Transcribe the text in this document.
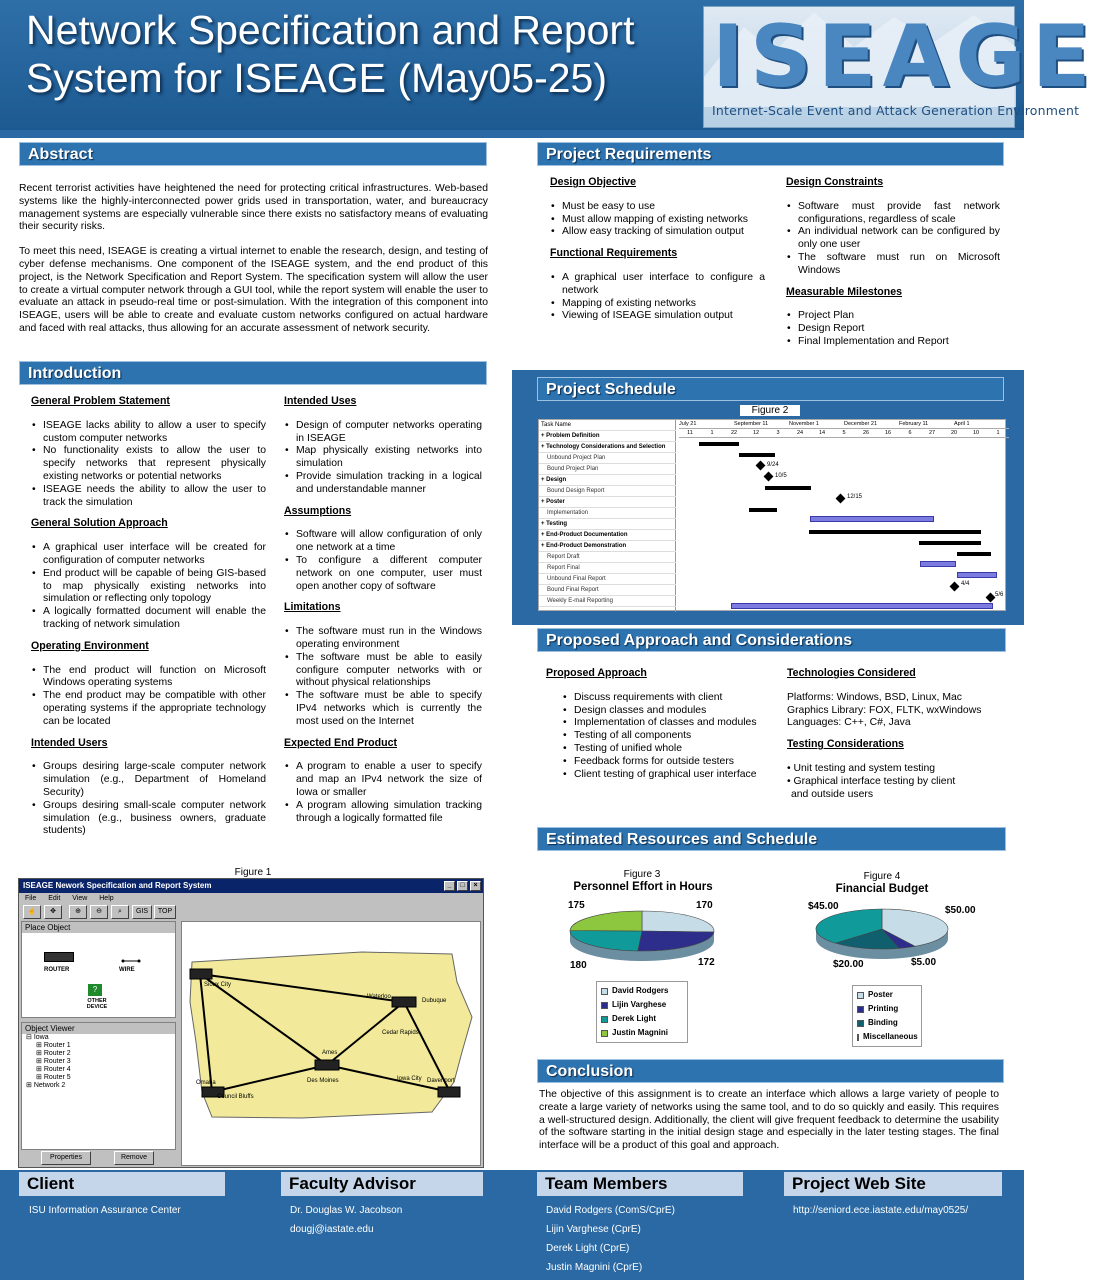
Network Specification and Report
System for ISEAGE (May05-25)	ISEAGE
Internet-Scale Event and Attack Generation Environment
Abstract

Recent terrorist activities have heightened the need for protecting critical infrastructures. Web-based systems like the highly-interconnected power grids used in transportation, water, and bureaucracy management systems are especially vulnerable since there exists no satisfactory means of evaluating their security risks.

To meet this need, ISEAGE is creating a virtual internet to enable the research, design, and testing of cyber defense mechanisms. One component of the ISEAGE system, and the end product of this project, is the Network Specification and Report System. The specification system will allow the user to create a virtual computer network through a GUI tool, while the report system will enable the user to evaluate an attack in pseudo-real time or post-simulation. With the integration of this component into ISEAGE, users will be able to create and evaluate custom networks configured on actual hardware and faced with real attacks, thus allowing for an accurate assessment of network security.

Introduction
General Problem Statement
• ISEAGE lacks ability to allow a user to specify custom computer networks
• No functionality exists to allow the user to specify networks that represent physically existing networks or potential networks
• ISEAGE needs the ability to allow the user to track the simulation
General Solution Approach
• A graphical user interface will be created for configuration of computer networks
• End product will be capable of being GIS-based to map physically existing networks into simulation or reflecting only topology
• A logically formatted document will enable the tracking of network simulation
Operating Environment
• The end product will function on Microsoft Windows operating systems
• The end product may be compatible with other operating systems if the appropriate technology can be located
Intended Users
• Groups desiring large-scale computer network simulation (e.g., Department of Homeland Security)
• Groups desiring small-scale computer network simulation (e.g., business owners, graduate students)
Intended Uses
• Design of computer networks operating in ISEAGE
• Map physically existing networks into simulation
• Provide simulation tracking in a logical and understandable manner
Assumptions
• Software will allow configuration of only one network at a time
• To configure a different computer network on one computer, user must open another copy of software
Limitations
• The software must run in the Windows operating environment
• The software must be able to easily configure computer networks with or without physical relationships
• The software must be able to specify IPv4 networks which is currently the most used on the Internet
Expected End Product
• A program to enable a user to specify and map an IPv4 network the size of Iowa or smaller
• A program allowing simulation tracking through a logically formatted file
Figure 1
ISEAGE Nework Specification and Report System	_	□	×
File Edit View Help
☝	✥	⊕	⊖	⌕	GIS	TOP
Place Object
ROUTER	WIRE
?
OTHER DEVICE
Object Viewer
⊟ Iowa
⊞ Router 1
⊞ Router 2
⊞ Router 3
⊞ Router 4
⊞ Router 5
⊞ Network 2
Properties	Remove
Sioux City
Waterloo
Dubuque
Ames
Cedar Rapids
Des Moines	Iowa City Davenport
Council Bluffs
Omaha
Project Requirements
Design Objective
• Must be easy to use
• Must allow mapping of existing networks
• Allow easy tracking of simulation output
Functional Requirements
• A graphical user interface to configure a network
• Mapping of existing networks
• Viewing of ISEAGE simulation output
Design Constraints
• Software must provide fast network configurations, regardless of scale
• An individual network can be configured by only one user
• The software must run on Microsoft Windows
Measurable Milestones
• Project Plan
• Design Report
• Final Implementation and Report
Project Schedule
Figure 2
Task Name
+ Problem Definition
+ Technology Considerations and Selection
Unbound Project Plan
Bound Project Plan
+ Design
Bound Design Report
+ Poster
Implementation
+ Testing
+ End-Product Documentation
+ End-Product Demonstration
Report Draft
Report Final
Unbound Final Report
Bound Final Report
Weekly E-mail Reporting
July 21	September 11	November 1	December 21	February 11	April 1
11	1	22	12	3	24	14	5	26	16	6	27	20	10	1
9/24
10/5
12/15
4/4
5/6
Proposed Approach and Considerations
Proposed Approach
• Discuss requirements with client
• Design classes and modules
• Implementation of classes and modules
• Testing of all components
• Testing of unified whole
• Feedback forms for outside testers
• Client testing of graphical user interface
Technologies Considered
Platforms: Windows, BSD, Linux, Mac
Graphics Library: FOX, FLTK, wxWindows
Languages: C++, C#, Java
Testing Considerations
• Unit testing and system testing
• Graphical interface testing by client
and outside users
Estimated Resources and Schedule
Figure 3	Figure 4
Personnel Effort in Hours	Financial Budget
180
175	170
172
$50.00
$5.00
$20.00
$45.00
David Rodgers
Lijin Varghese
Derek Light
Justin Magnini
Poster
Printing
Binding
Miscellaneous
Conclusion
The objective of this assignment is to create an interface which allows a large variety of people to create a large variety of networks using the same tool, and to do so quickly and easily. This requires a well-structured design. Additionally, the client will give frequent feedback to determine the usability of the software starting in the initial design stage and especially in the later testing stages. The final interface will be a product of this goal and approach.
Client
ISU Information Assurance Center
Faculty Advisor
Dr. Douglas W. Jacobson
dougj@iastate.edu
Team Members
David Rodgers (ComS/CprE)
Lijin Varghese (CprE)
Derek Light (CprE)
Justin Magnini (CprE)
Project Web Site
http://seniord.ece.iastate.edu/may0525/
